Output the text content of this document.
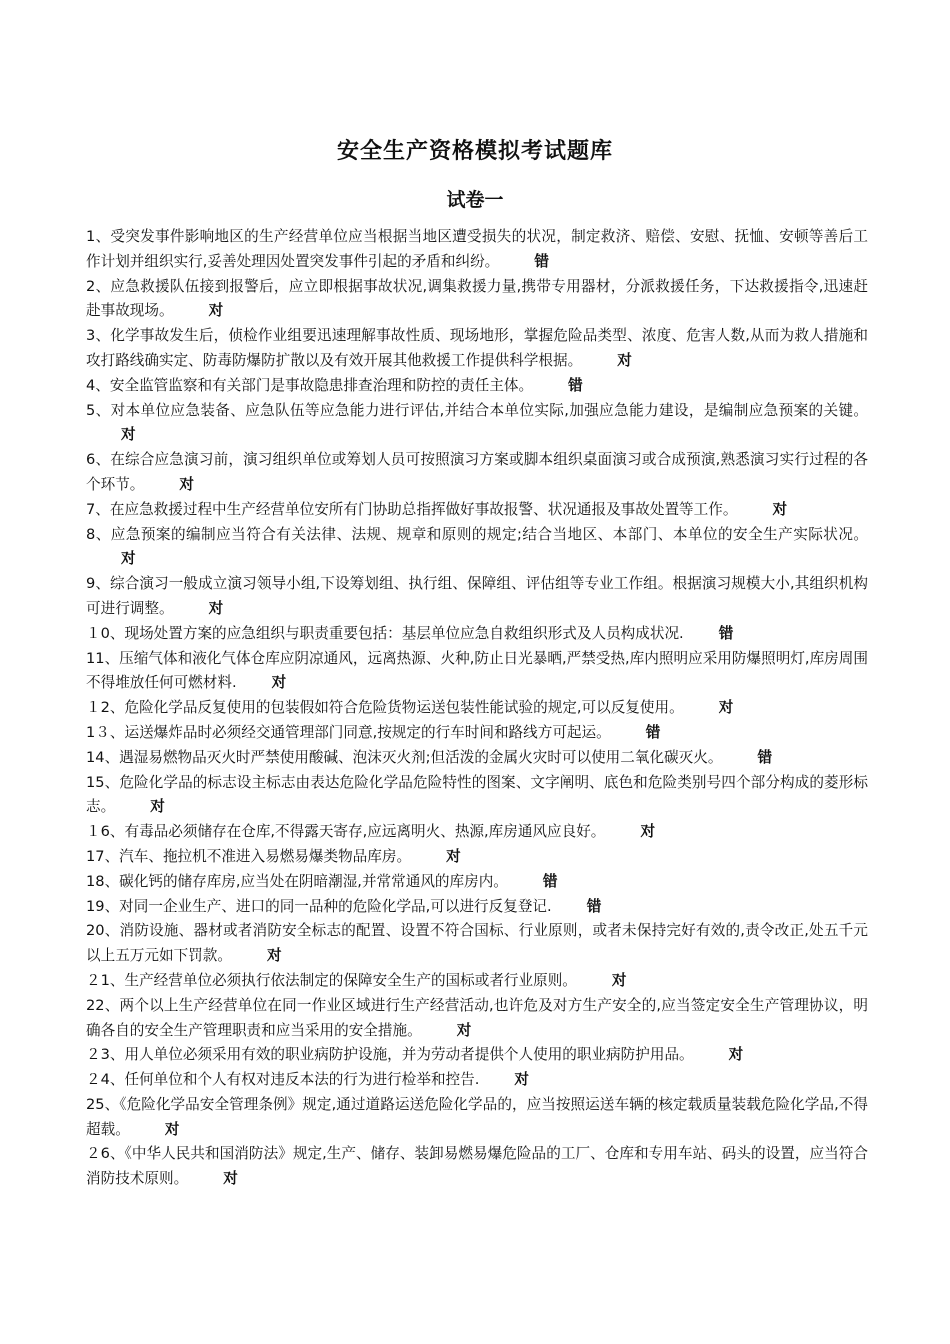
安全生产资格模拟考试题库
试卷一
1、受突发事件影响地区的生产经营单位应当根据当地区遭受损失的状况，制定救济、赔偿、安慰、抚恤、安顿等善后工作计划并组织实行,妥善处理因处置突发事件引起的矛盾和纠纷。 错
2、应急救援队伍接到报警后，应立即根据事故状况,调集救援力量,携带专用器材，分派救援任务，下达救援指令,迅速赶赴事故现场。 对
3、化学事故发生后，侦检作业组要迅速理解事故性质、现场地形，掌握危险品类型、浓度、危害人数,从而为救人措施和攻打路线确实定、防毒防爆防扩散以及有效开展其他救援工作提供科学根据。 对
4、安全监管监察和有关部门是事故隐患排查治理和防控的责任主体。 错
5、对本单位应急装备、应急队伍等应急能力进行评估,并结合本单位实际,加强应急能力建设，是编制应急预案的关键。对
6、在综合应急演习前，演习组织单位或筹划人员可按照演习方案或脚本组织桌面演习或合成预演,熟悉演习实行过程的各个环节。 对
7、在应急救援过程中生产经营单位安所有门协助总指挥做好事故报警、状况通报及事故处置等工作。 对
8、应急预案的编制应当符合有关法律、法规、规章和原则的规定;结合当地区、本部门、本单位的安全生产实际状况。对
9、综合演习一般成立演习领导小组,下设筹划组、执行组、保障组、评估组等专业工作组。根据演习规模大小,其组织机构可进行调整。 对
１0、现场处置方案的应急组织与职责重要包括：基层单位应急自救组织形式及人员构成状况. 错
11、压缩气体和液化气体仓库应阴凉通风，远离热源、火种,防止日光暴晒,严禁受热,库内照明应采用防爆照明灯,库房周围不得堆放任何可燃材料. 对
１2、危险化学品反复使用的包装假如符合危险货物运送包装性能试验的规定,可以反复使用。 对
1３、运送爆炸品时必须经交通管理部门同意,按规定的行车时间和路线方可起运。 错
14、遇湿易燃物品灭火时严禁使用酸碱、泡沫灭火剂;但活泼的金属火灾时可以使用二氧化碳灭火。 错
15、危险化学品的标志设主标志由表达危险化学品危险特性的图案、文字阐明、底色和危险类别号四个部分构成的菱形标志。 对
１6、有毒品必须储存在仓库,不得露天寄存,应远离明火、热源,库房通风应良好。 对
17、汽车、拖拉机不准进入易燃易爆类物品库房。 对
18、碳化钙的储存库房,应当处在阴暗潮湿,并常常通风的库房内。 错
19、对同一企业生产、进口的同一品种的危险化学品,可以进行反复登记. 错
20、消防设施、器材或者消防安全标志的配置、设置不符合国标、行业原则，或者未保持完好有效的,责令改正,处五千元以上五万元如下罚款。 对
２1、生产经营单位必须执行依法制定的保障安全生产的国标或者行业原则。 对
22、两个以上生产经营单位在同一作业区域进行生产经营活动,也许危及对方生产安全的,应当签定安全生产管理协议，明确各自的安全生产管理职责和应当采用的安全措施。 对
２3、用人单位必须采用有效的职业病防护设施，并为劳动者提供个人使用的职业病防护用品。 对
２4、任何单位和个人有权对违反本法的行为进行检举和控告. 对
25、《危险化学品安全管理条例》规定,通过道路运送危险化学品的，应当按照运送车辆的核定载质量装载危险化学品,不得超载。 对
２6、《中华人民共和国消防法》规定,生产、储存、装卸易燃易爆危险品的工厂、仓库和专用车站、码头的设置，应当符合消防技术原则。 对
